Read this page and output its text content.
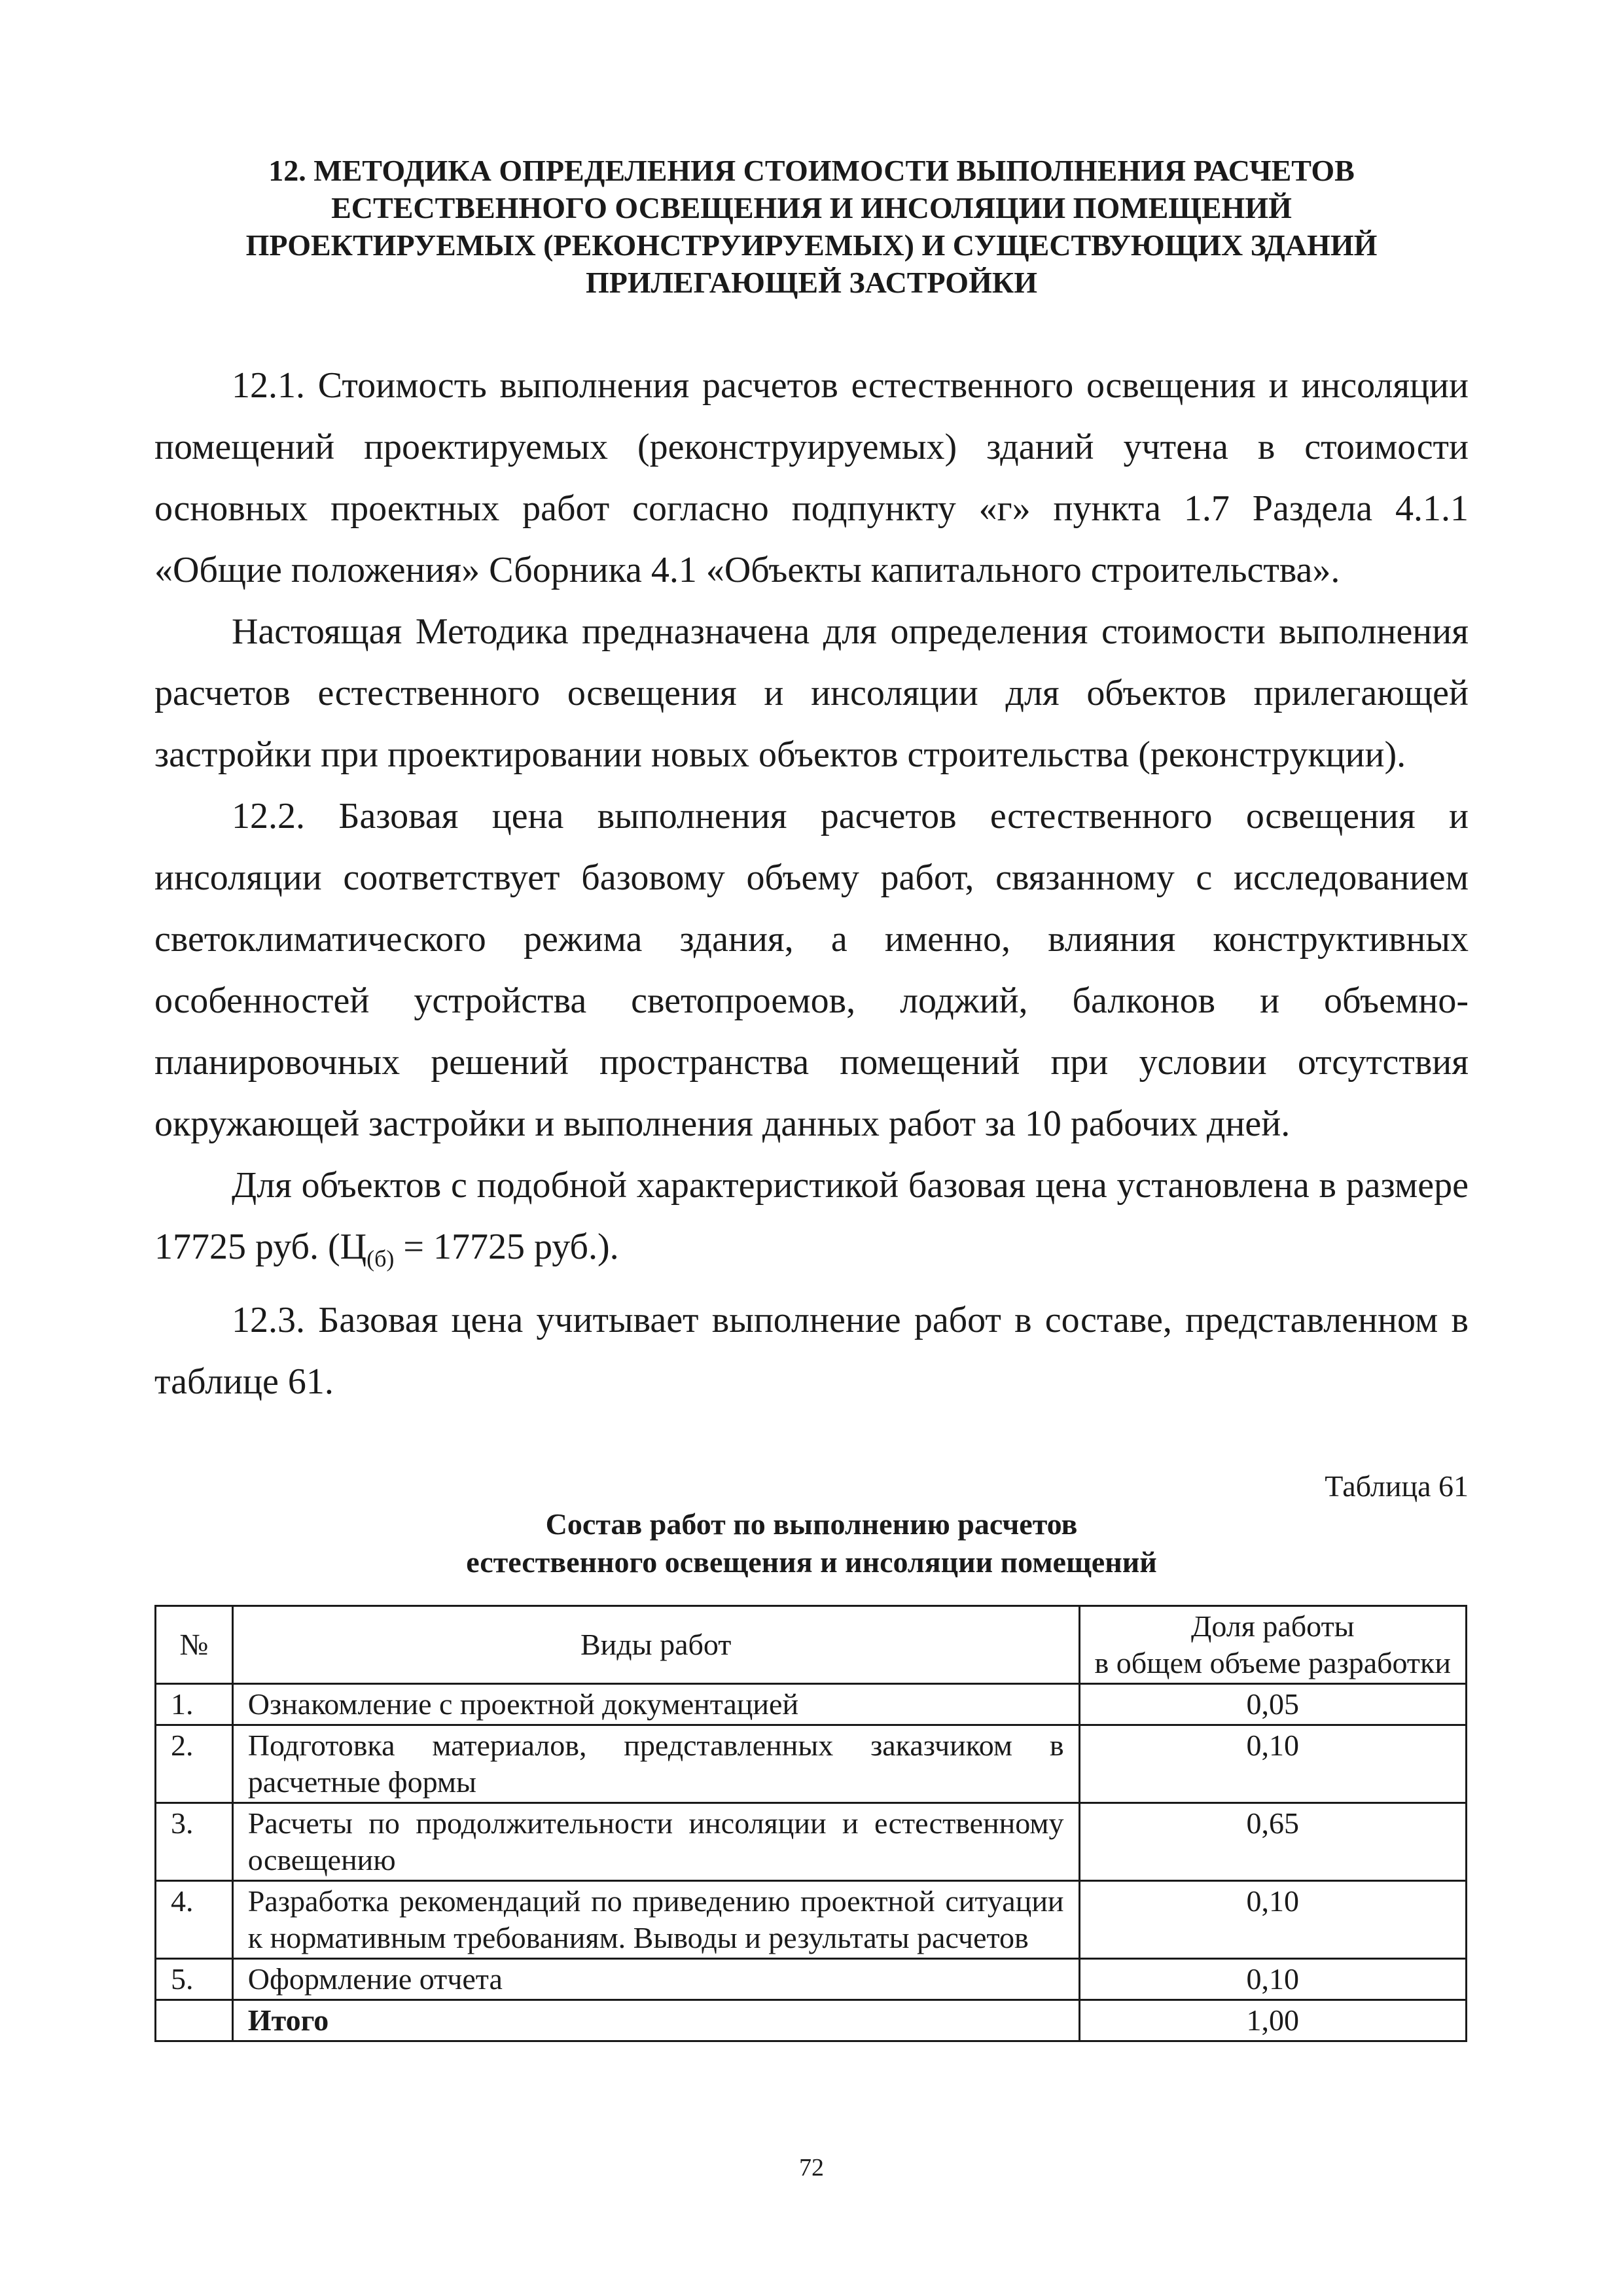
12. МЕТОДИКА ОПРЕДЕЛЕНИЯ СТОИМОСТИ ВЫПОЛНЕНИЯ РАСЧЕТОВ
ЕСТЕСТВЕННОГО ОСВЕЩЕНИЯ И ИНСОЛЯЦИИ ПОМЕЩЕНИЙ
ПРОЕКТИРУЕМЫХ (РЕКОНСТРУИРУЕМЫХ) И СУЩЕСТВУЮЩИХ ЗДАНИЙ
ПРИЛЕГАЮЩЕЙ ЗАСТРОЙКИ

12.1. Стоимость выполнения расчетов естественного освещения и инсоляции помещений проектируемых (реконструируемых) зданий учтена в стоимости основных проектных работ согласно подпункту «г» пункта 1.7 Раздела 4.1.1 «Общие положения» Сборника 4.1 «Объекты капитального строительства».

Настоящая Методика предназначена для определения стоимости выполнения расчетов естественного освещения и инсоляции для объектов прилегающей застройки при проектировании новых объектов строительства (реконструкции).

12.2. Базовая цена выполнения расчетов естественного освещения и инсоляции соответствует базовому объему работ, связанному с исследованием светоклиматического режима здания, а именно, влияния конструктивных особенностей устройства светопроемов, лоджий, балконов и объемно-планировочных решений пространства помещений при условии отсутствия окружающей застройки и выполнения данных работ за 10 рабочих дней.

Для объектов с подобной характеристикой базовая цена установлена в размере 17725 руб. ($Ц_{(б)} = 17725$ руб.).

12.3. Базовая цена учитывает выполнение работ в составе, представленном в таблице 61.

Таблица 61
Состав работ по выполнению расчетов
естественного освещения и инсоляции помещений
№	Виды работ	Доля работы
в общем объеме разработки

1.	Ознакомление с проектной документацией	0,05
2.	Подготовка материалов, представленных заказчиком в расчетные формы	0,10
3.	Расчеты по продолжительности инсоляции и естественному освещению	0,65
4.	Разработка рекомендаций по приведению проектной ситуации к нормативным требованиям. Выводы и результаты расчетов	0,10
5.	Оформление отчета	0,10
	Итого	1,00
72
